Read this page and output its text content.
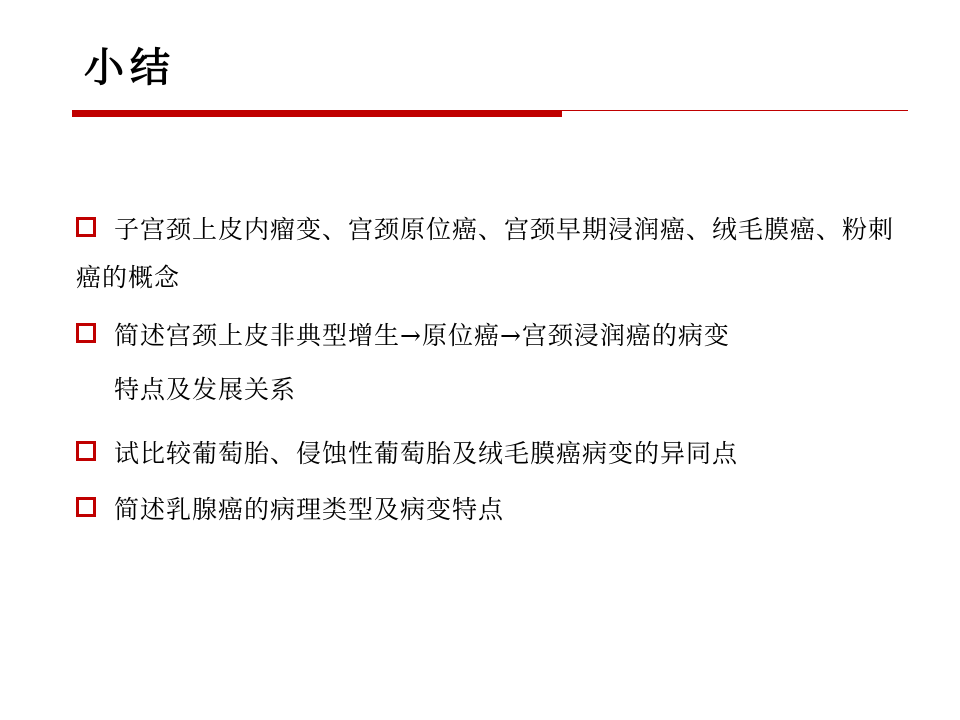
小结
子宫颈上皮内瘤变、宫颈原位癌、宫颈早期浸润癌、绒毛膜癌、粉刺癌的概念
简述宫颈上皮非典型增生→原位癌→宫颈浸润癌的病变
特点及发展关系
试比较葡萄胎、侵蚀性葡萄胎及绒毛膜癌病变的异同点
简述乳腺癌的病理类型及病变特点
